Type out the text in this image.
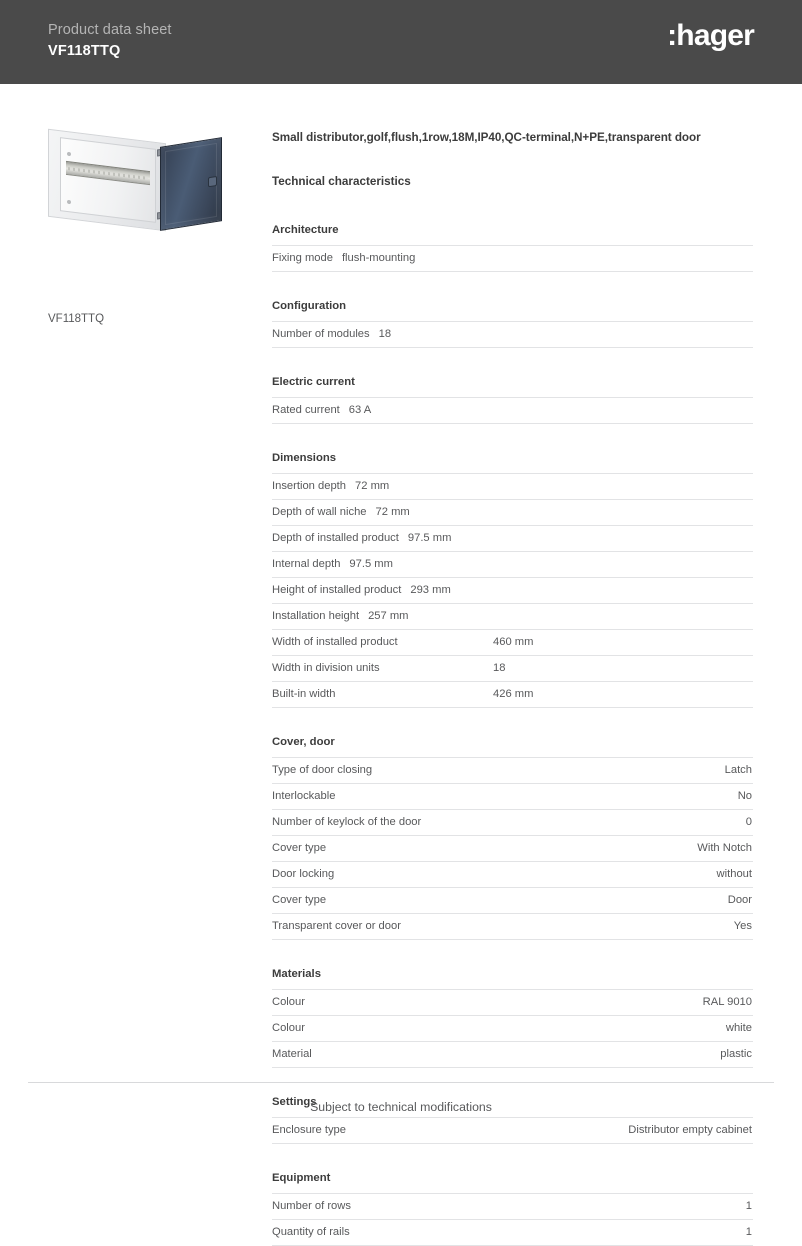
Product data sheet
VF118TTQ	:hager
VF118TTQ
Small distributor,golf,flush,1row,18M,IP40,QC-terminal,N+PE,transparent door
Technical characteristics
Architecture
Fixing mode flush-mounting
Configuration
Number of modules 18
Electric current
Rated current 63 A
Dimensions
Insertion depth 72 mm
Depth of wall niche 72 mm
Depth of installed product 97.5 mm
Internal depth 97.5 mm
Height of installed product 293 mm
Installation height 257 mm
Width of installed product	460 mm
Width in division units	18
Built-in width	426 mm
Cover, door
Type of door closing	Latch
Interlockable	No
Number of keylock of the door	0
Cover type	With Notch
Door locking	without
Cover type	Door
Transparent cover or door	Yes
Materials
Colour	RAL 9010
Colour	white
Material	plastic
Settings
Enclosure type	Distributor empty cabinet
Equipment
Number of rows	1
Quantity of rails	1
Subject to technical modifications
